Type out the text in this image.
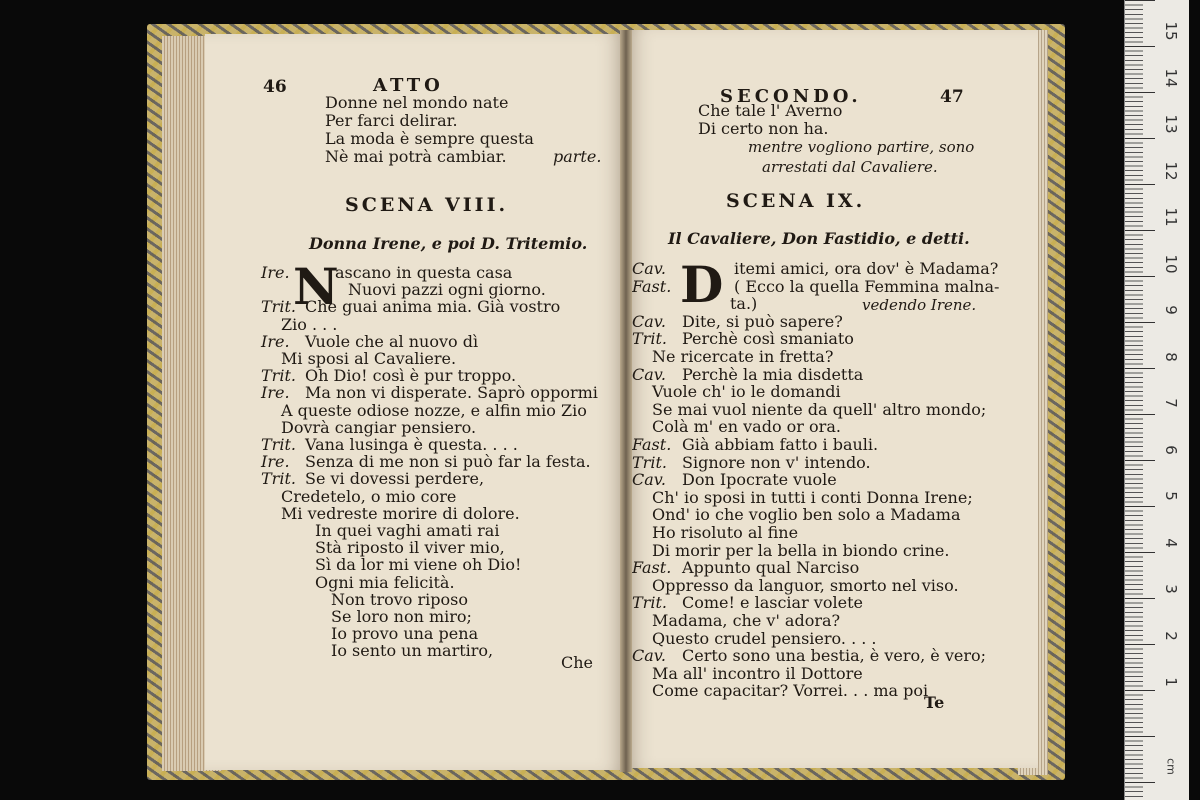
46	ATTO
Donne nel mondo nate
Per farci delirar.
La moda è sempre questa
Nè mai potrà cambiar.	parte.
SCENA VIII.
Donna Irene, e poi D. Tritemio.
N
Ire.	ascano in questa casa
Nuovi pazzi ogni giorno.
Trit. Che guai anima mia. Già vostro
Zio . . .
Ire. Vuole che al nuovo dì
Mi sposi al Cavaliere.
Trit. Oh Dio! così è pur troppo.
Ire. Ma non vi disperate. Saprò oppormi
A queste odiose nozze, e alfin mio Zio
Dovrà cangiar pensiero.
Trit. Vana lusinga è questa. . . .
Ire. Senza di me non si può far la festa.
Trit. Se vi dovessi perdere,
Credetelo, o mio core
Mi vedreste morire di dolore.
In quei vaghi amati rai
Stà riposto il viver mio,
Sì da lor mi viene oh Dio!
Ogni mia felicità.
Non trovo riposo
Se loro non miro;
Io provo una pena
Io sento un martiro,
Che
SECONDO.	47
Che tale l' Averno
Di certo non ha.
mentre vogliono partire, sono
arrestati dal Cavaliere.
SCENA IX.
Il Cavaliere, Don Fastidio, e detti.
D
Cav.	itemi amici, ora dov' è Madama?
Fast.	( Ecco la quella Femmina malna-
ta.)
Cav. Dite, si può sapere?
Trit. Perchè così smaniato
Ne ricercate in fretta?
Cav. Perchè la mia disdetta
Vuole ch' io le domandi
Se mai vuol niente da quell' altro mondo;
Colà m' en vado or ora.
Fast. Già abbiam fatto i bauli.
Trit. Signore non v' intendo.
Cav. Don Ipocrate vuole
Ch' io sposi in tutti i conti Donna Irene;
Ond' io che voglio ben solo a Madama
Ho risoluto al fine
Di morir per la bella in biondo crine.
Fast. Appunto qual Narciso
Oppresso da languor, smorto nel viso.
Trit. Come! e lasciar volete
Madama, che v' adora?
Questo crudel pensiero. . . .
Cav. Certo sono una bestia, è vero, è vero;
Ma all' incontro il Dottore
Come capacitar? Vorrei. . . ma poi
vedendo Irene.
Te
15
14
13
12
11
10
9
8
7
6
5
4
3
2
1
cm
